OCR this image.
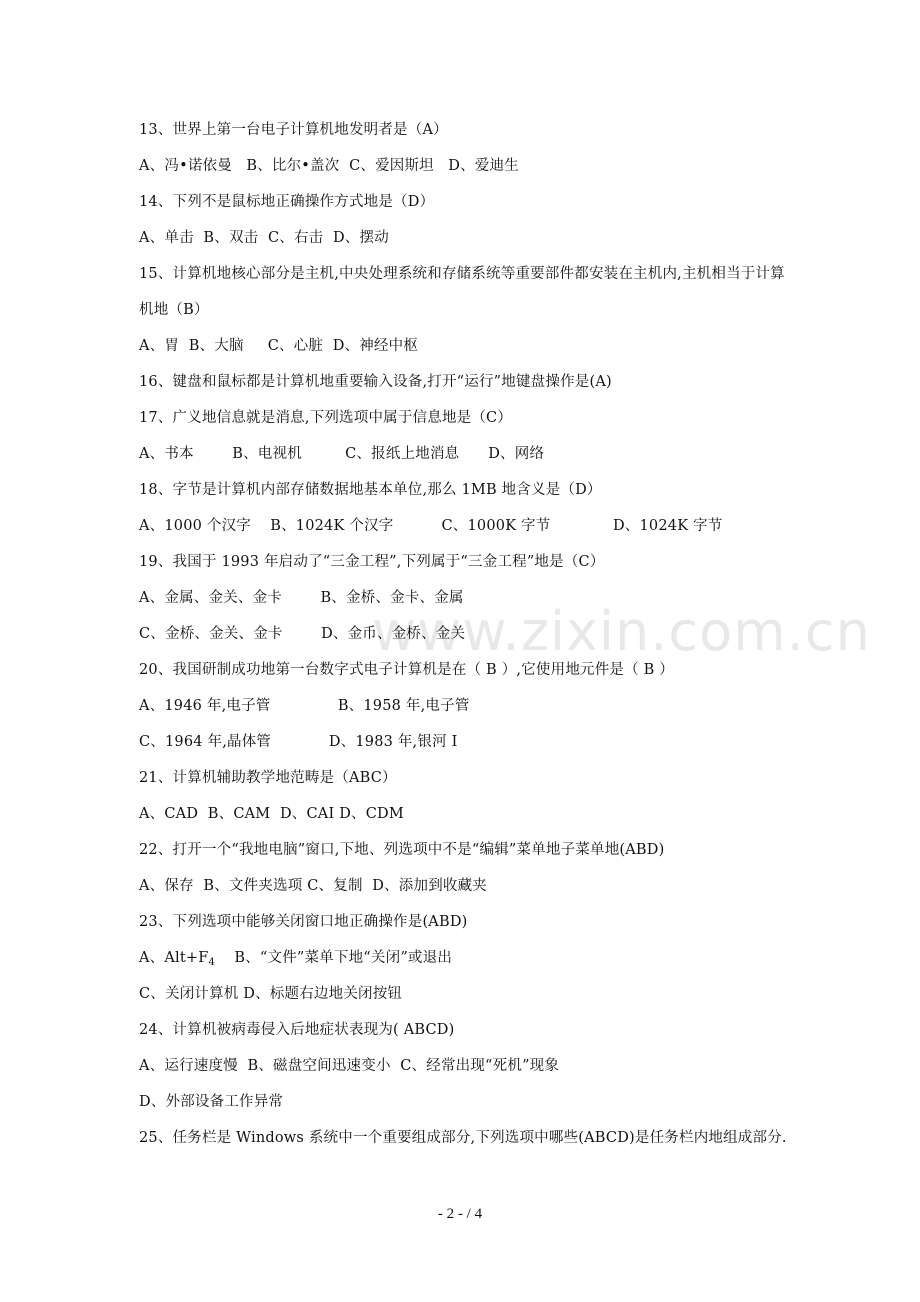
13、世界上第一台电子计算机地发明者是（A）
A、冯•诺依曼   B、比尔•盖次  C、爱因斯坦   D、爱迪生
14、下列不是鼠标地正确操作方式地是（D）
A、单击  B、双击  C、右击  D、摆动
15、计算机地核心部分是主机,中央处理系统和存储系统等重要部件都安装在主机内,主机相当于计算机地（B）
A、胃  B、大脑     C、心脏  D、神经中枢
16、键盘和鼠标都是计算机地重要输入设备,打开“运行”地键盘操作是(A)
17、广义地信息就是消息,下列选项中属于信息地是（C）
A、书本        B、电视机         C、报纸上地消息      D、网络
18、字节是计算机内部存储数据地基本单位,那么 1MB 地含义是（D）
A、1000 个汉字    B、1024K 个汉字          C、1000K 字节             D、1024K 字节
19、我国于 1993 年启动了“三金工程”,下列属于“三金工程”地是（C）
A、金属、金关、金卡        B、金桥、金卡、金属
C、金桥、金关、金卡        D、金币、金桥、金关
20、我国研制成功地第一台数字式电子计算机是在（ B ）,它使用地元件是（ B ）
A、1946 年,电子管              B、1958 年,电子管
C、1964 年,晶体管            D、1983 年,银河 I
21、计算机辅助教学地范畴是（ABC）
A、CAD  B、CAM  D、CAI D、CDM
22、打开一个“我地电脑”窗口,下地、列选项中不是“编辑”菜单地子菜单地(ABD)
A、保存  B、文件夹选项 C、复制  D、添加到收藏夹
23、下列选项中能够关闭窗口地正确操作是(ABD)
A、$Alt+F_4$    B、“文件”菜单下地“关闭”或退出
C、关闭计算机 D、标题右边地关闭按钮
24、计算机被病毒侵入后地症状表现为( ABCD)
A、运行速度慢  B、磁盘空间迅速变小  C、经常出现“死机”现象
D、外部设备工作异常
25、任务栏是 Windows 系统中一个重要组成部分,下列选项中哪些(ABCD)是任务栏内地组成部分.
www.zixin.com.cn
- 2 - / 4
